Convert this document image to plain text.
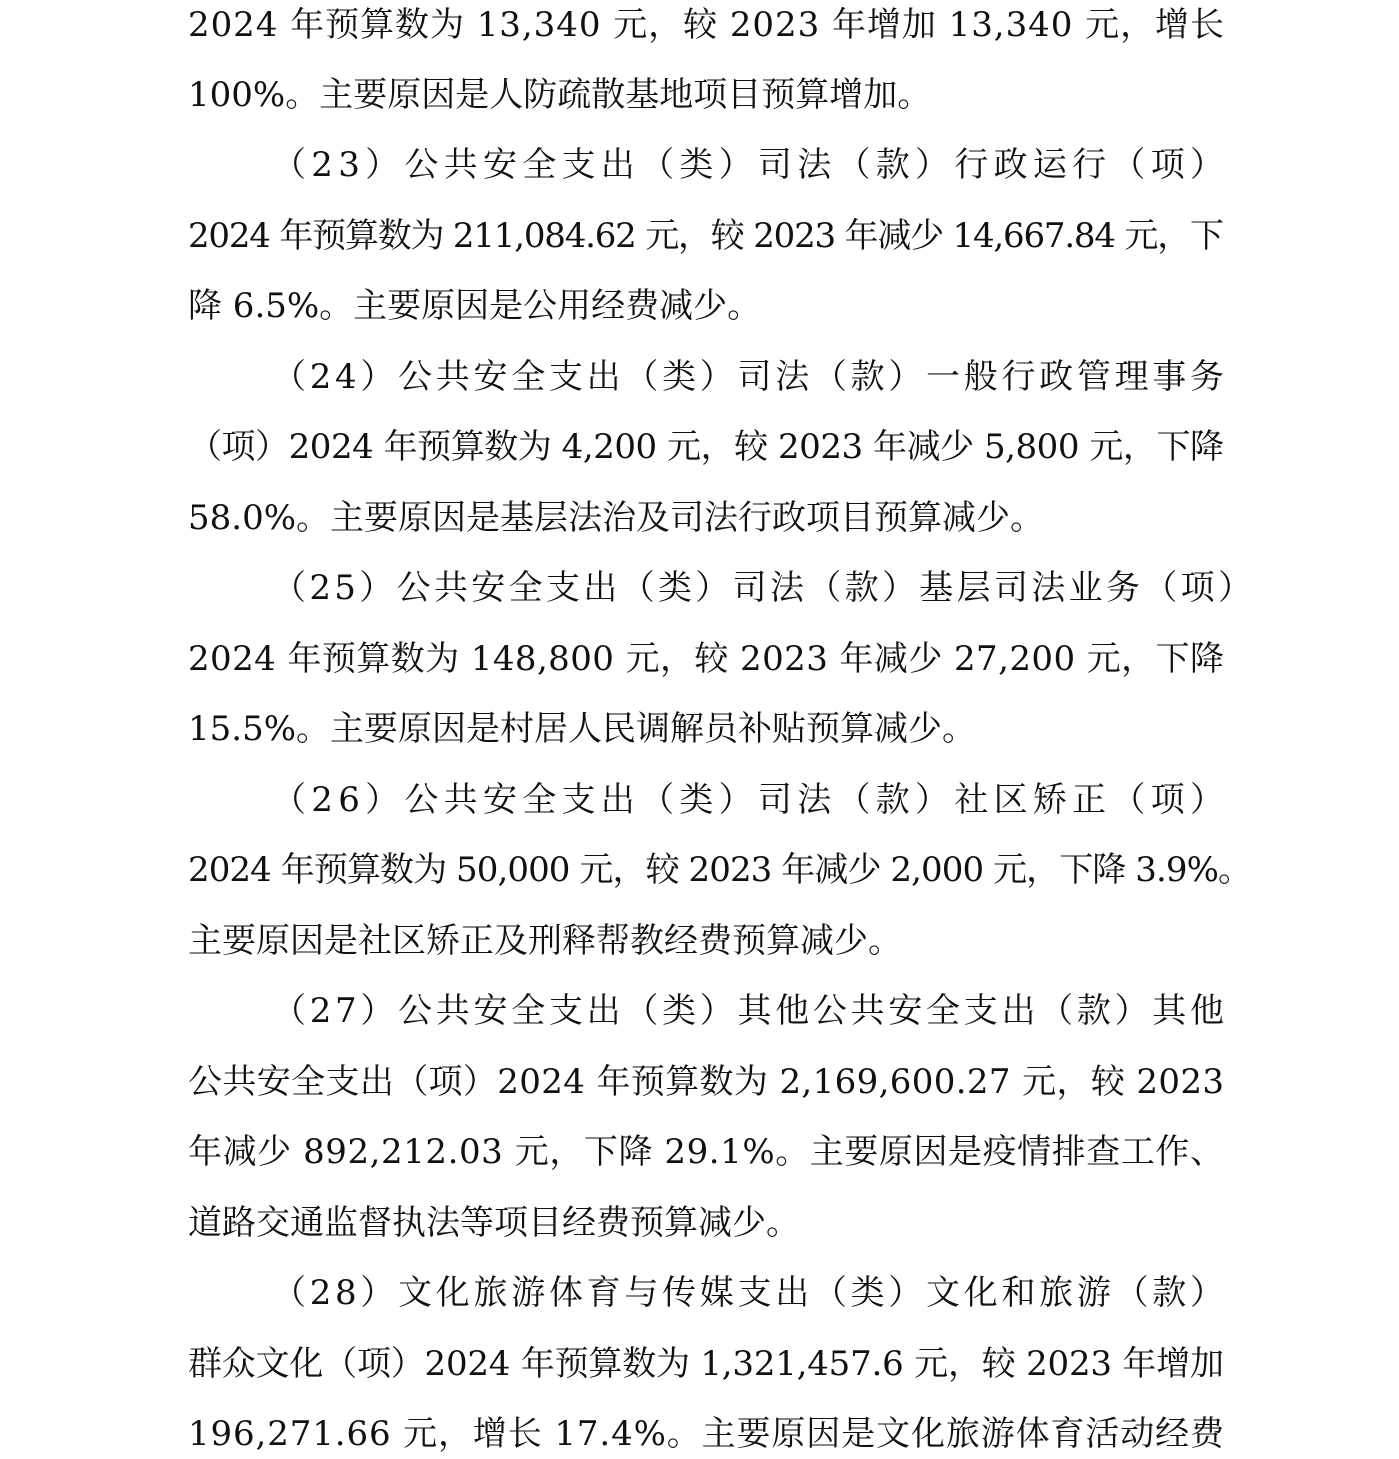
2024 年预算数为 13,340 元，较 2023 年增加 13,340 元，增长
100%。主要原因是人防疏散基地项目预算增加。
（23）公共安全支出（类）司法（款）行政运行（项）
2024 年预算数为 211,084.62 元，较 2023 年减少 14,667.84 元，下
降 6.5%。主要原因是公用经费减少。
（24）公共安全支出（类）司法（款）一般行政管理事务
（项）2024 年预算数为 4,200 元，较 2023 年减少 5,800 元，下降
58.0%。主要原因是基层法治及司法行政项目预算减少。
（25）公共安全支出（类）司法（款）基层司法业务（项）
2024 年预算数为 148,800 元，较 2023 年减少 27,200 元，下降
15.5%。主要原因是村居人民调解员补贴预算减少。
（26）公共安全支出（类）司法（款）社区矫正（项）
2024 年预算数为 50,000 元，较 2023 年减少 2,000 元，下降 3.9%。
主要原因是社区矫正及刑释帮教经费预算减少。
（27）公共安全支出（类）其他公共安全支出（款）其他
公共安全支出（项）2024 年预算数为 2,169,600.27 元，较 2023
年减少 892,212.03 元，下降 29.1%。主要原因是疫情排查工作、
道路交通监督执法等项目经费预算减少。
（28）文化旅游体育与传媒支出（类）文化和旅游（款）
群众文化（项）2024 年预算数为 1,321,457.6 元，较 2023 年增加
196,271.66 元，增长 17.4%。主要原因是文化旅游体育活动经费
